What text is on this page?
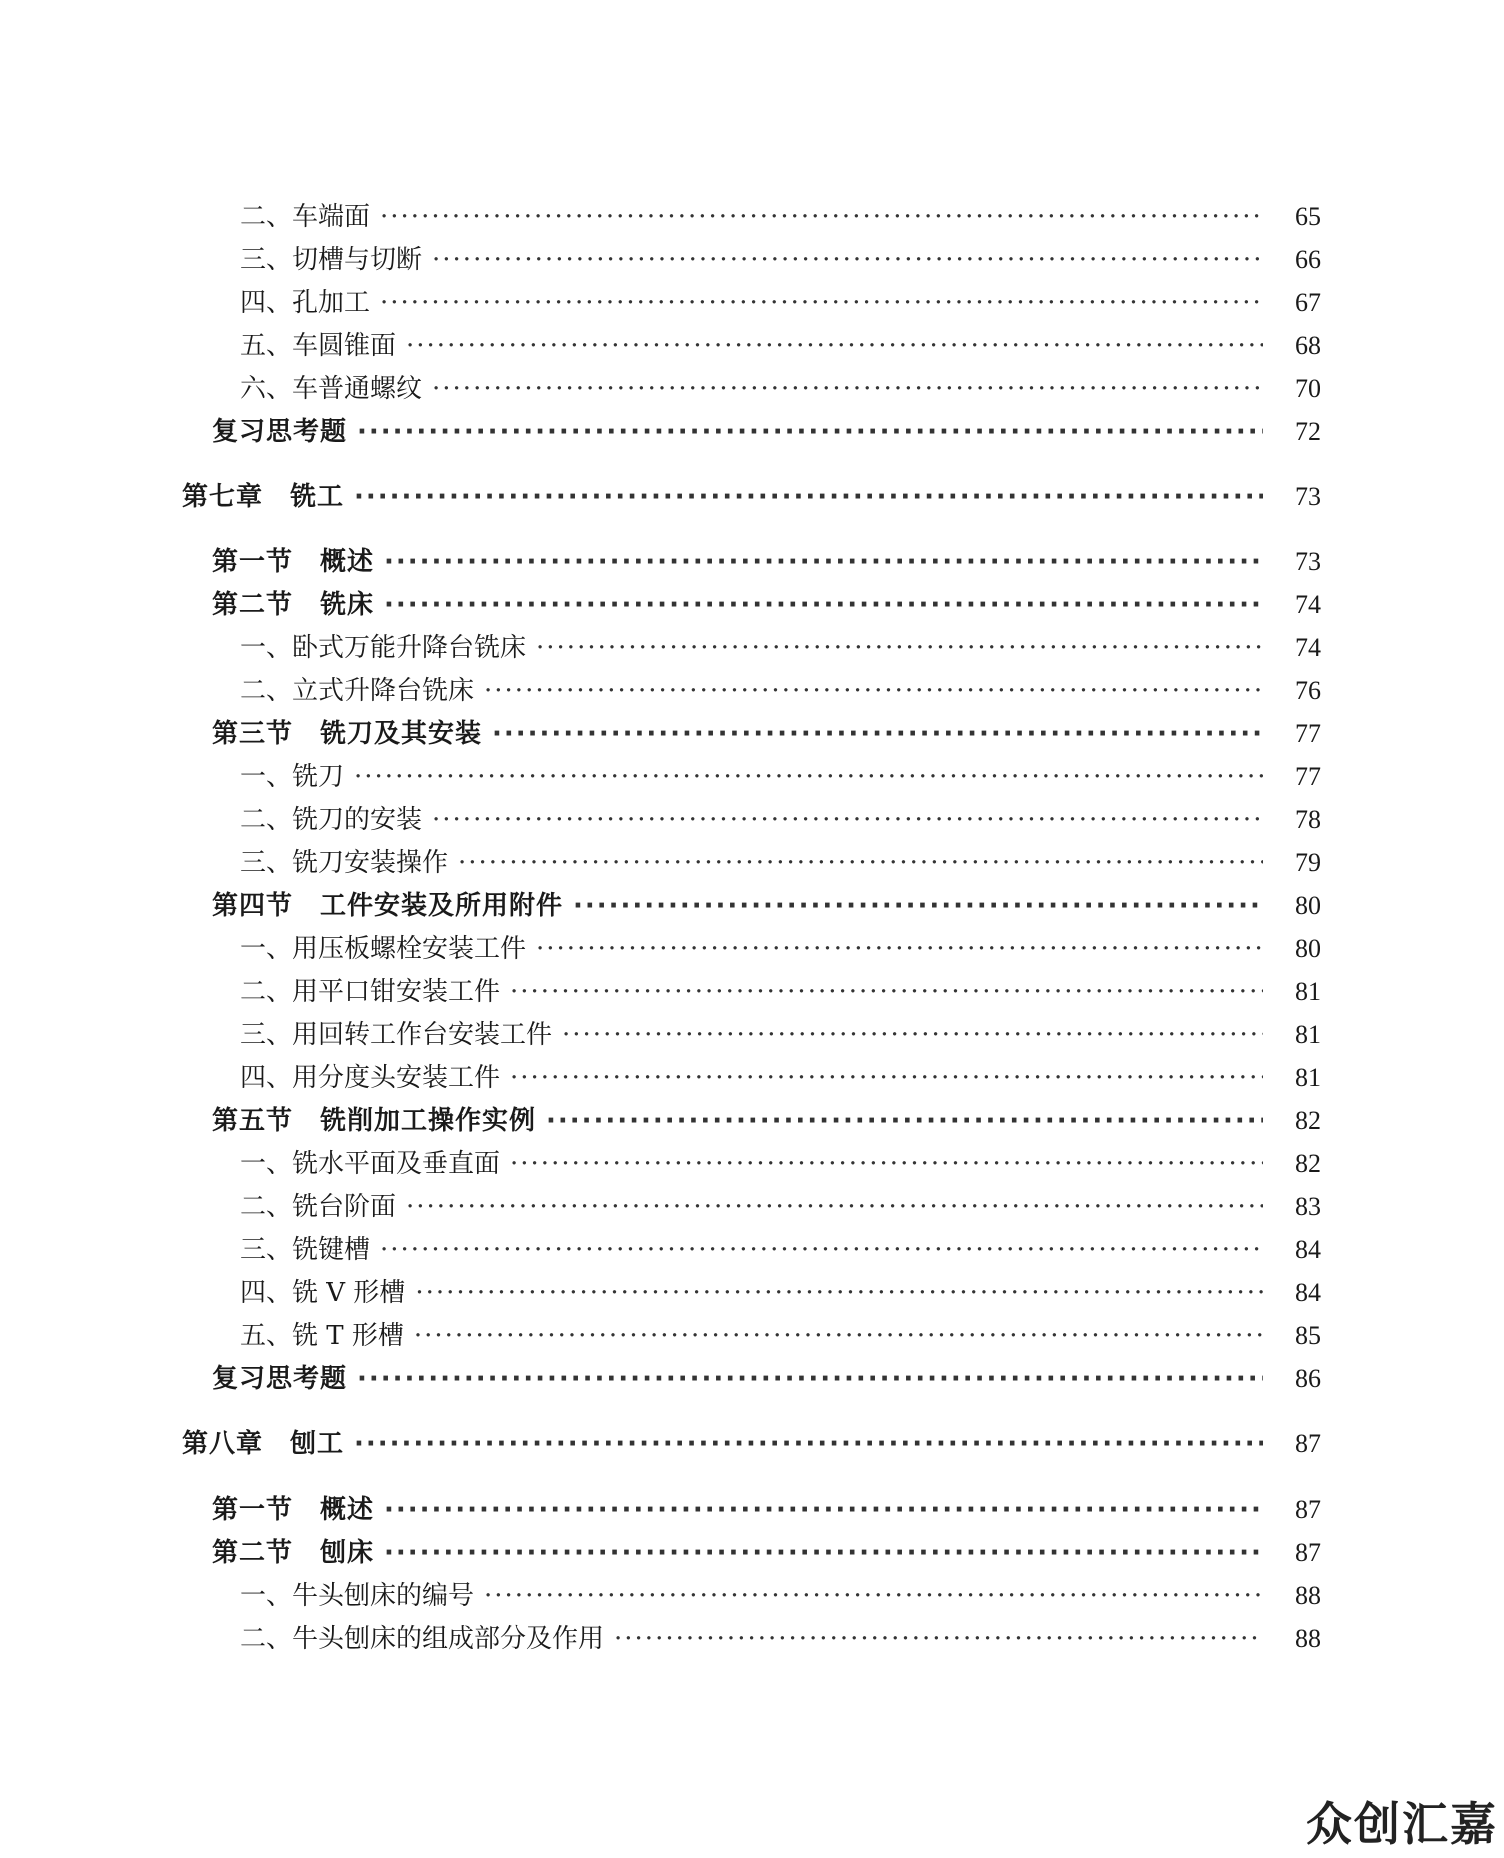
二、车端面 ·····	65
三、切槽与切断 ·····	66
四、孔加工 ·····	67
五、车圆锥面 ·····	68
六、车普通螺纹 ·····	70
复习思考题 ·····	72
第七章　铣工 ·····	73
第一节　概述 ·····	73
第二节　铣床 ·····	74
一、卧式万能升降台铣床 ·····	74
二、立式升降台铣床 ·····	76
第三节　铣刀及其安装 ·····	77
一、铣刀 ·····	77
二、铣刀的安装 ·····	78
三、铣刀安装操作 ·····	79
第四节　工件安装及所用附件 ·····	80
一、用压板螺栓安装工件 ·····	80
二、用平口钳安装工件 ·····	81
三、用回转工作台安装工件 ·····	81
四、用分度头安装工件 ·····	81
第五节　铣削加工操作实例 ·····	82
一、铣水平面及垂直面 ·····	82
二、铣台阶面 ·····	83
三、铣键槽 ·····	84
四、铣 V 形槽 ·····	84
五、铣 T 形槽 ·····	85
复习思考题 ·····	86
第八章　刨工 ·····	87
第一节　概述 ·····	87
第二节　刨床 ·····	87
一、牛头刨床的编号 ·····	88
二、牛头刨床的组成部分及作用 ·····	88
众创汇嘉
